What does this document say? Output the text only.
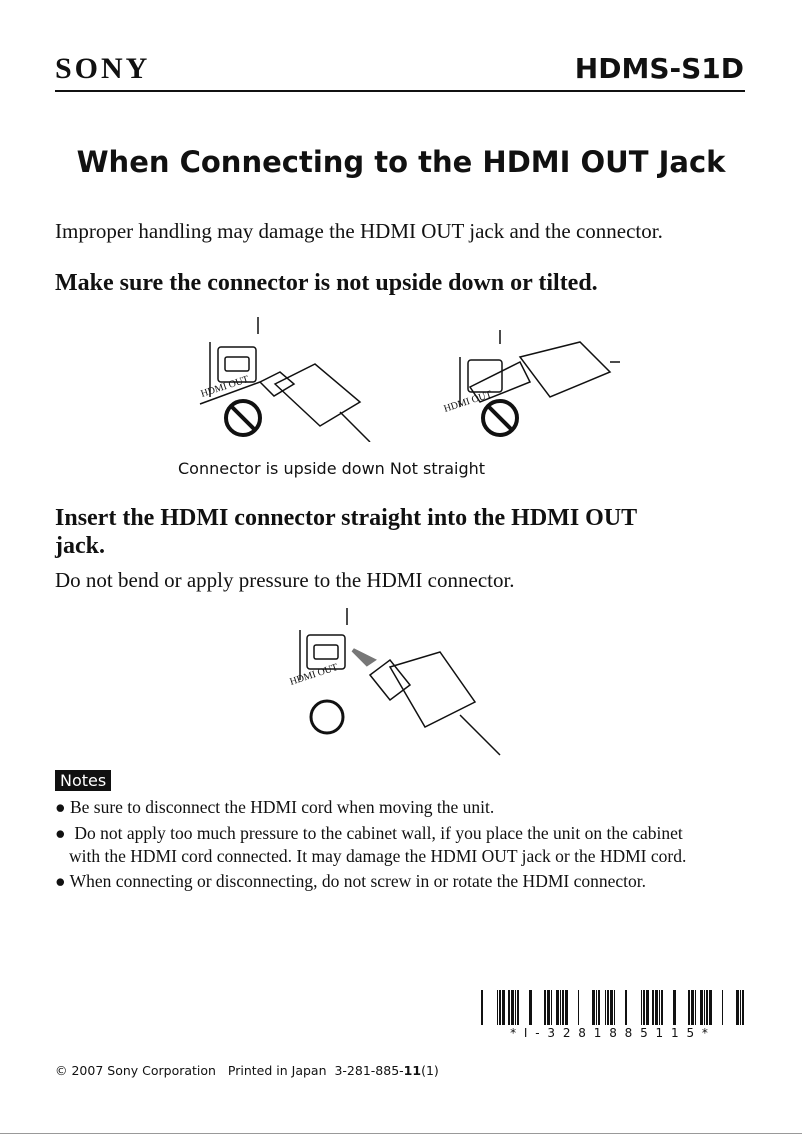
SONY	HDMS-S1D
When Connecting to the HDMI OUT Jack
Improper handling may damage the HDMI OUT jack and the connector.
Make sure the connector is not upside down or tilted.
HDMI OUT
HDMI OUT
Connector is upside down Not straight
Insert the HDMI connector straight into the HDMI OUT
jack.
Do not bend or apply pressure to the HDMI connector.
HDMI OUT
Notes
● Be sure to disconnect the HDMI cord when moving the unit.
●  Do not apply too much pressure to the cabinet wall, if you place the unit on the cabinet
with the HDMI cord connected. It may damage the HDMI OUT jack or the HDMI cord.
● When connecting or disconnecting, do not screw in or rotate the HDMI connector.
* I - 3 2 8 1 8 8 5 1 1 5 *
© 2007 Sony Corporation Printed in Japan 3-281-885-11(1)
